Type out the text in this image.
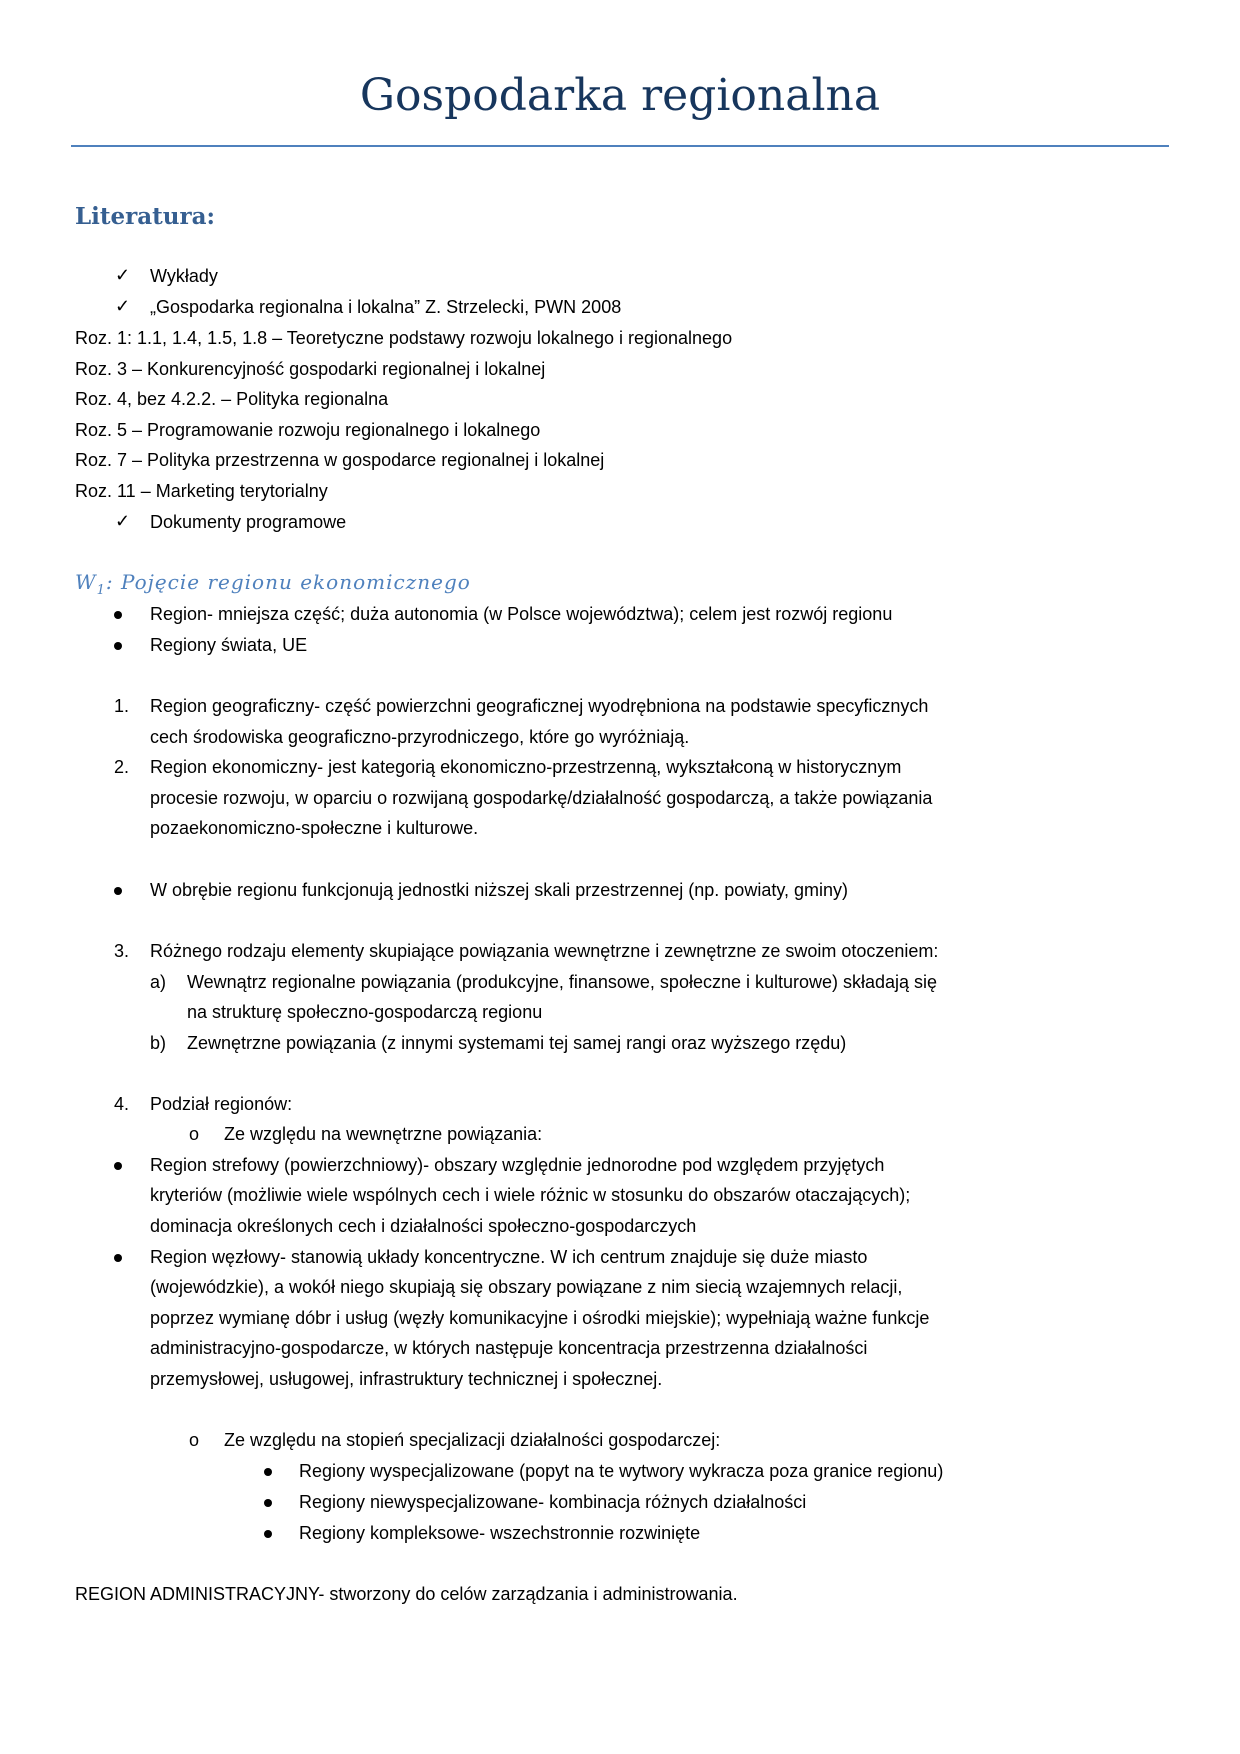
Gospodarka regionalna
Literatura:
✓ Wykłady
✓ „Gospodarka regionalna i lokalna” Z. Strzelecki, PWN 2008
Roz. 1: 1.1, 1.4, 1.5, 1.8 – Teoretyczne podstawy rozwoju lokalnego i regionalnego
Roz. 3 – Konkurencyjność gospodarki regionalnej i lokalnej
Roz. 4, bez 4.2.2. – Polityka regionalna
Roz. 5 – Programowanie rozwoju regionalnego i lokalnego
Roz. 7 – Polityka przestrzenna w gospodarce regionalnej i lokalnej
Roz. 11 – Marketing terytorialny
✓ Dokumenty programowe
$W_1$: Pojęcie regionu ekonomicznego
Region- mniejsza część; duża autonomia (w Polsce województwa); celem jest rozwój regionu
Regiony świata, UE
1. Region geograficzny- część powierzchni geograficznej wyodrębniona na podstawie specyficznych
cech środowiska geograficzno-przyrodniczego, które go wyróżniają.
2. Region ekonomiczny- jest kategorią ekonomiczno-przestrzenną, wykształconą w historycznym
procesie rozwoju, w oparciu o rozwijaną gospodarkę/działalność gospodarczą, a także powiązania
pozaekonomiczno-społeczne i kulturowe.
W obrębie regionu funkcjonują jednostki niższej skali przestrzennej (np. powiaty, gminy)
3. Różnego rodzaju elementy skupiające powiązania wewnętrzne i zewnętrzne ze swoim otoczeniem:
a) Wewnątrz regionalne powiązania (produkcyjne, finansowe, społeczne i kulturowe) składają się
na strukturę społeczno-gospodarczą regionu
b) Zewnętrzne powiązania (z innymi systemami tej samej rangi oraz wyższego rzędu)
4. Podział regionów:
o Ze względu na wewnętrzne powiązania:
Region strefowy (powierzchniowy)- obszary względnie jednorodne pod względem przyjętych
kryteriów (możliwie wiele wspólnych cech i wiele różnic w stosunku do obszarów otaczających);
dominacja określonych cech i działalności społeczno-gospodarczych
Region węzłowy- stanowią układy koncentryczne. W ich centrum znajduje się duże miasto
(wojewódzkie), a wokół niego skupiają się obszary powiązane z nim siecią wzajemnych relacji,
poprzez wymianę dóbr i usług (węzły komunikacyjne i ośrodki miejskie); wypełniają ważne funkcje
administracyjno-gospodarcze, w których następuje koncentracja przestrzenna działalności
przemysłowej, usługowej, infrastruktury technicznej i społecznej.
o Ze względu na stopień specjalizacji działalności gospodarczej:
Regiony wyspecjalizowane (popyt na te wytwory wykracza poza granice regionu)
Regiony niewyspecjalizowane- kombinacja różnych działalności
Regiony kompleksowe- wszechstronnie rozwinięte
REGION ADMINISTRACYJNY- stworzony do celów zarządzania i administrowania.
